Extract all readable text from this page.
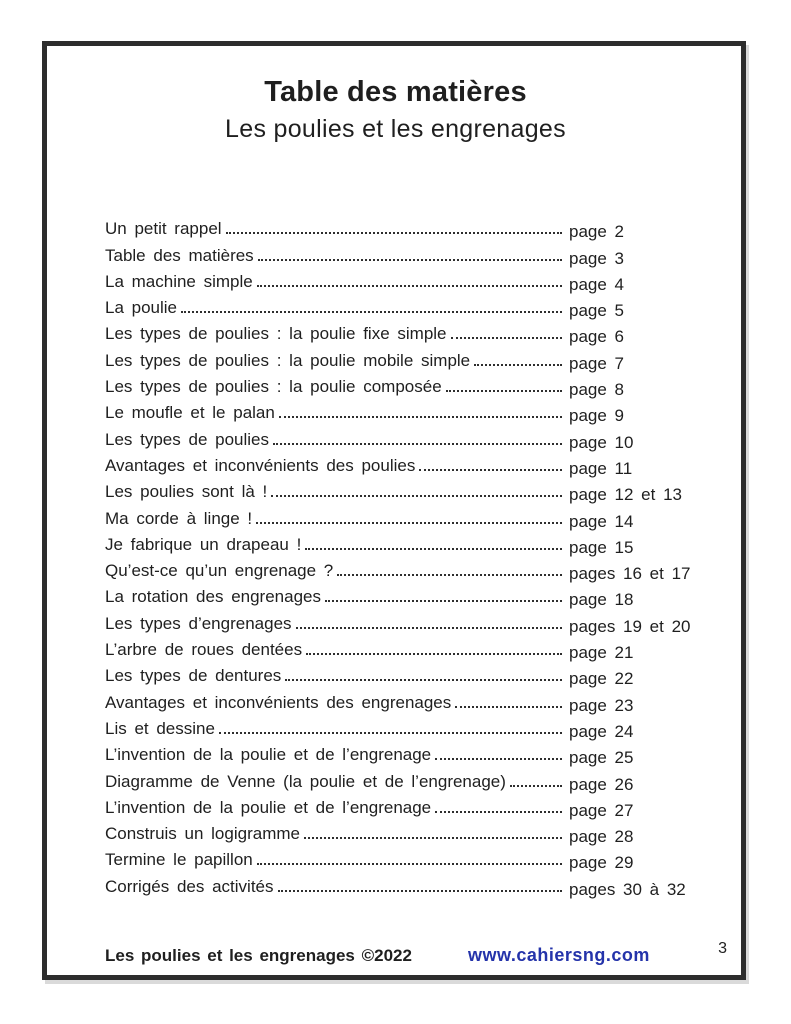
Table des matières
Les poulies et les engrenages
Un petit rappel	page 2
Table des matières	page 3
La machine simple	page 4
La poulie	page 5
Les types de poulies : la poulie fixe simple	page 6
Les types de poulies : la poulie mobile simple	page 7
Les types de poulies : la poulie composée	page 8
Le moufle et le palan	page 9
Les types de poulies	page 10
Avantages et inconvénients des poulies	page 11
Les poulies sont là !	page 12 et 13
Ma corde à linge !	page 14
Je fabrique un drapeau !	page 15
Qu’est-ce qu’un engrenage ?	pages 16 et 17
La rotation des engrenages	page 18
Les types d’engrenages	pages 19 et 20
L’arbre de roues dentées	page 21
Les types de dentures	page 22
Avantages et inconvénients des engrenages	page 23
Lis et dessine	page 24
L’invention de la poulie et de l’engrenage	page 25
Diagramme de Venne (la poulie et de l’engrenage)	page 26
L’invention de la poulie et de l’engrenage	page 27
Construis un logigramme	page 28
Termine le papillon	page 29
Corrigés des activités	pages 30 à 32
Les poulies et les engrenages ©2022	www.cahiersng.com	3
